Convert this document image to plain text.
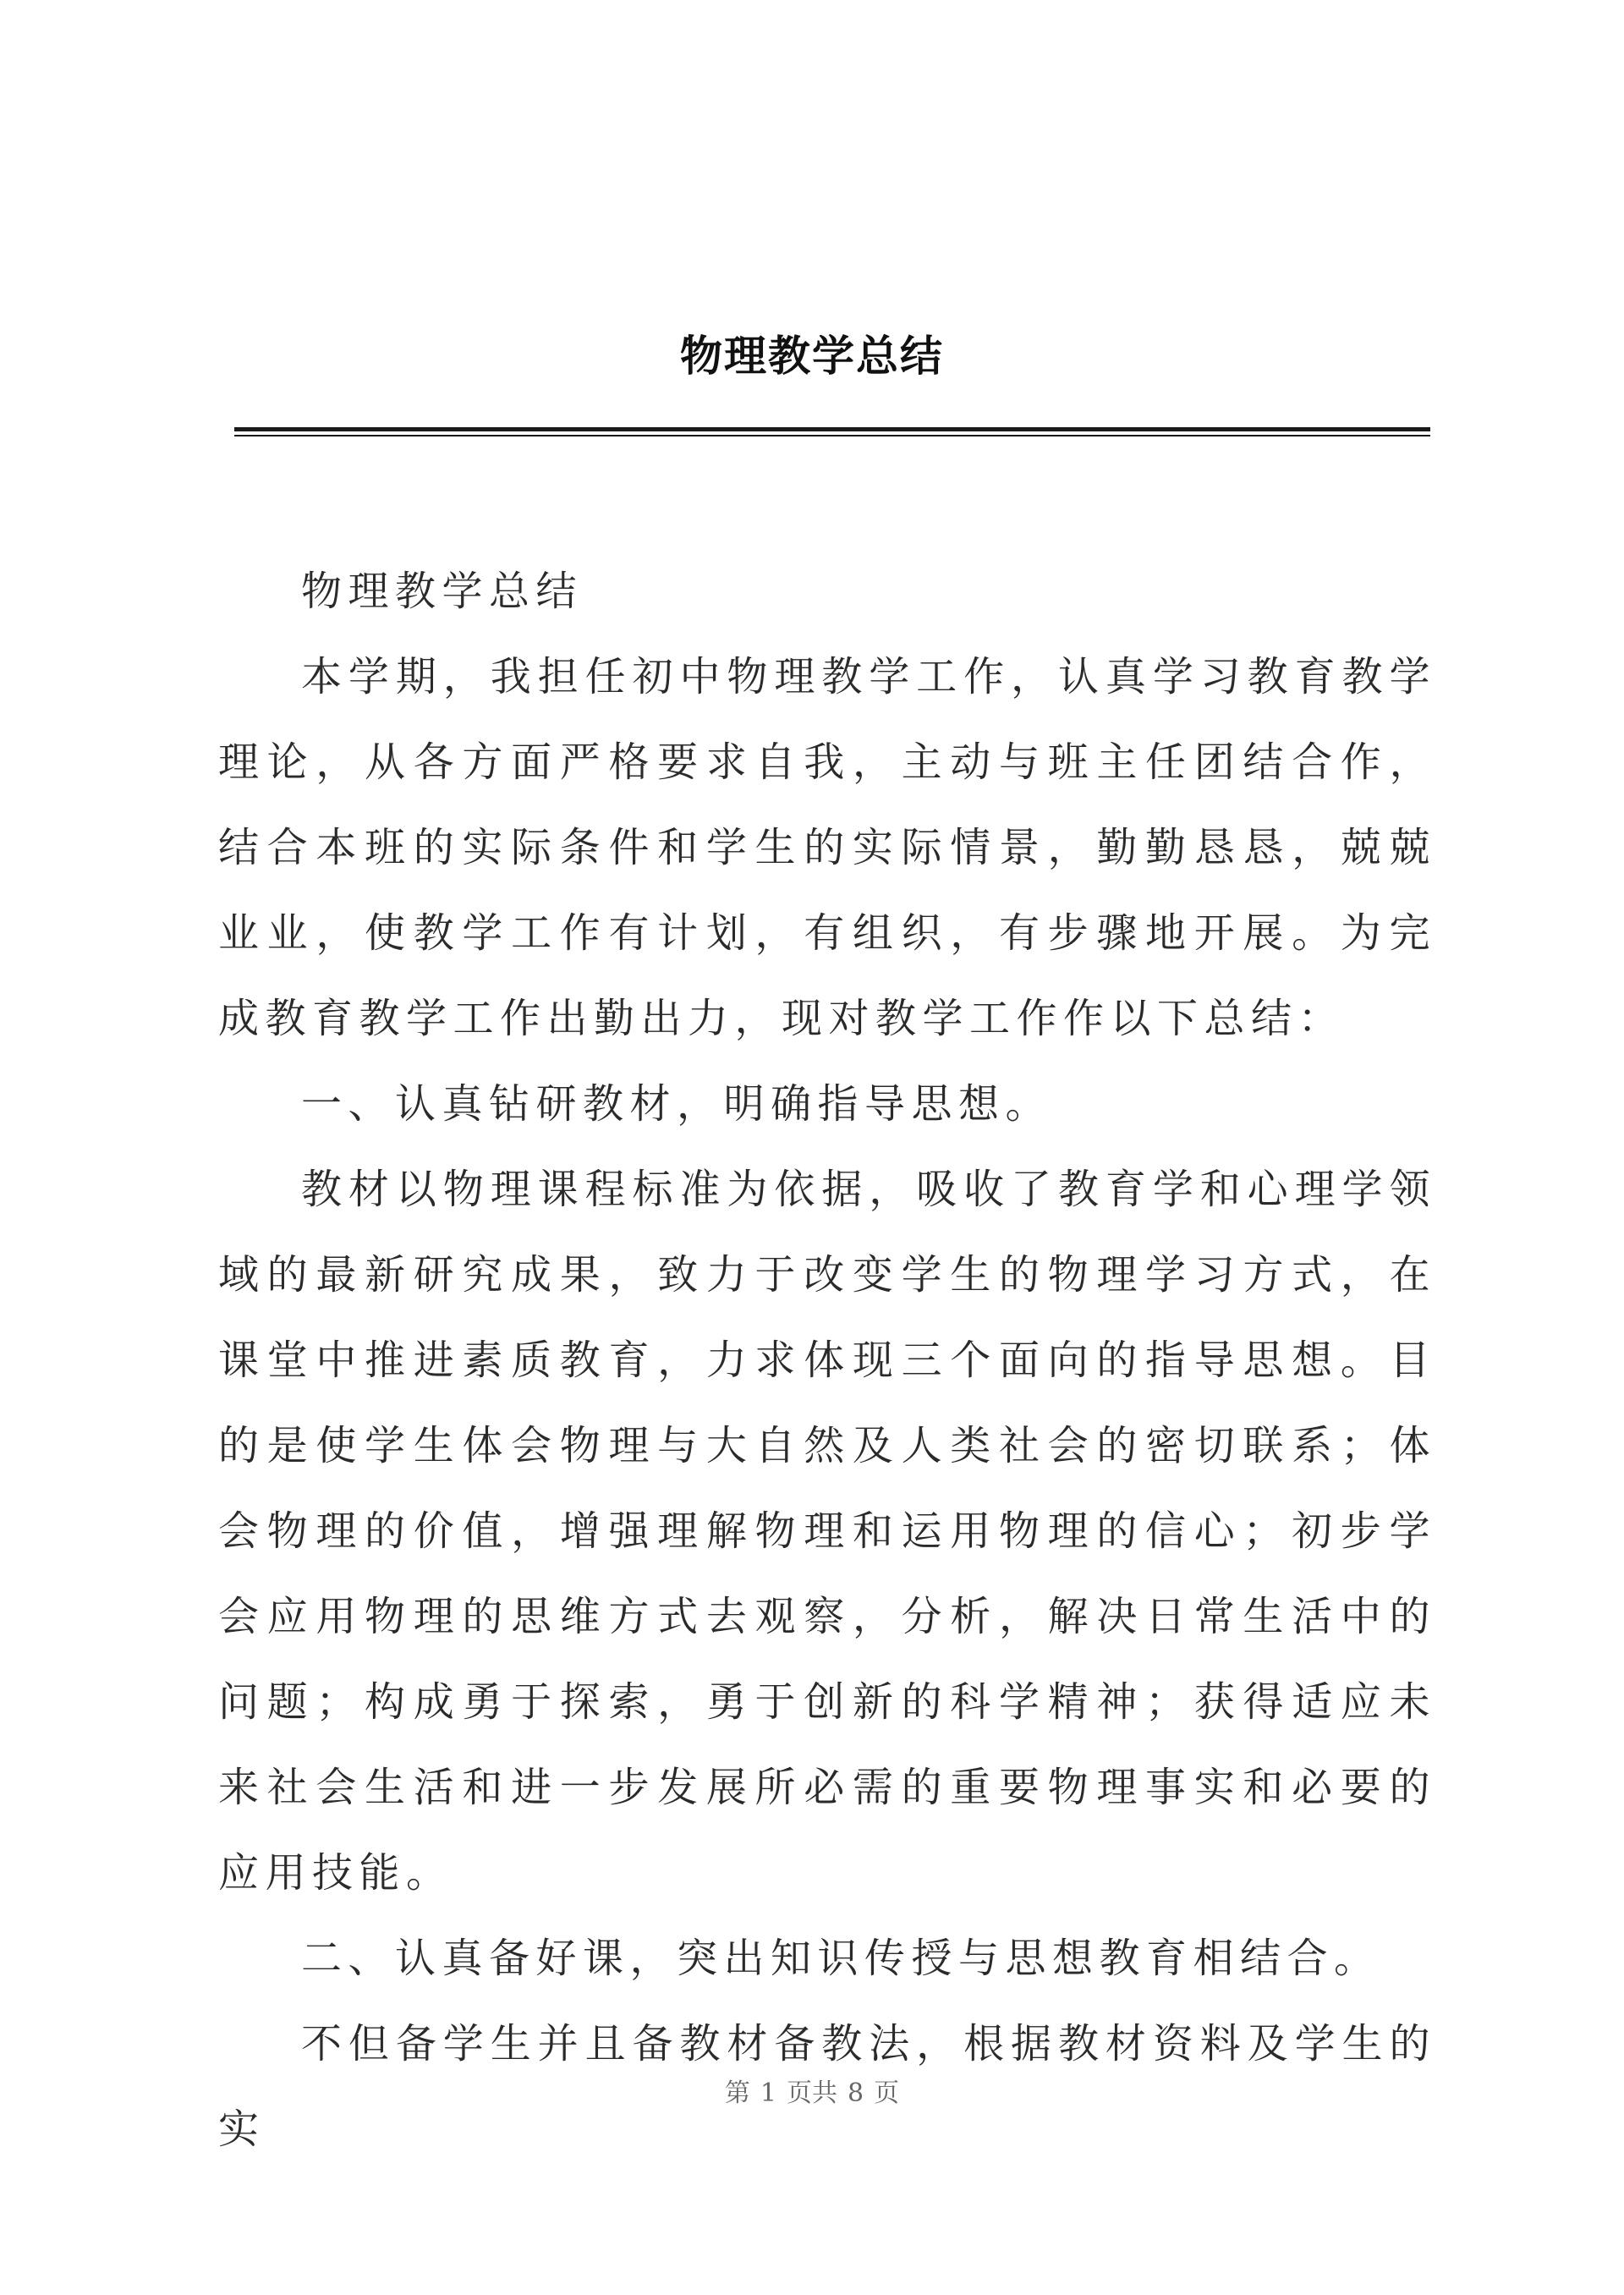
物理教学总结

物理教学总结

本学期，我担任初中物理教学工作，认真学习教育教学理论，从各方面严格要求自我，主动与班主任团结合作，结合本班的实际条件和学生的实际情景，勤勤恳恳，兢兢业业，使教学工作有计划，有组织，有步骤地开展。为完成教育教学工作出勤出力，现对教学工作作以下总结：

一、认真钻研教材，明确指导思想。

教材以物理课程标准为依据，吸收了教育学和心理学领域的最新研究成果，致力于改变学生的物理学习方式，在课堂中推进素质教育，力求体现三个面向的指导思想。目的是使学生体会物理与大自然及人类社会的密切联系；体会物理的价值，增强理解物理和运用物理的信心；初步学会应用物理的思维方式去观察，分析，解决日常生活中的问题；构成勇于探索，勇于创新的科学精神；获得适应未来社会生活和进一步发展所必需的重要物理事实和必要的应用技能。

二、认真备好课，突出知识传授与思想教育相结合。

不但备学生并且备教材备教法，根据教材资料及学生的实

第 1 页共 8 页
